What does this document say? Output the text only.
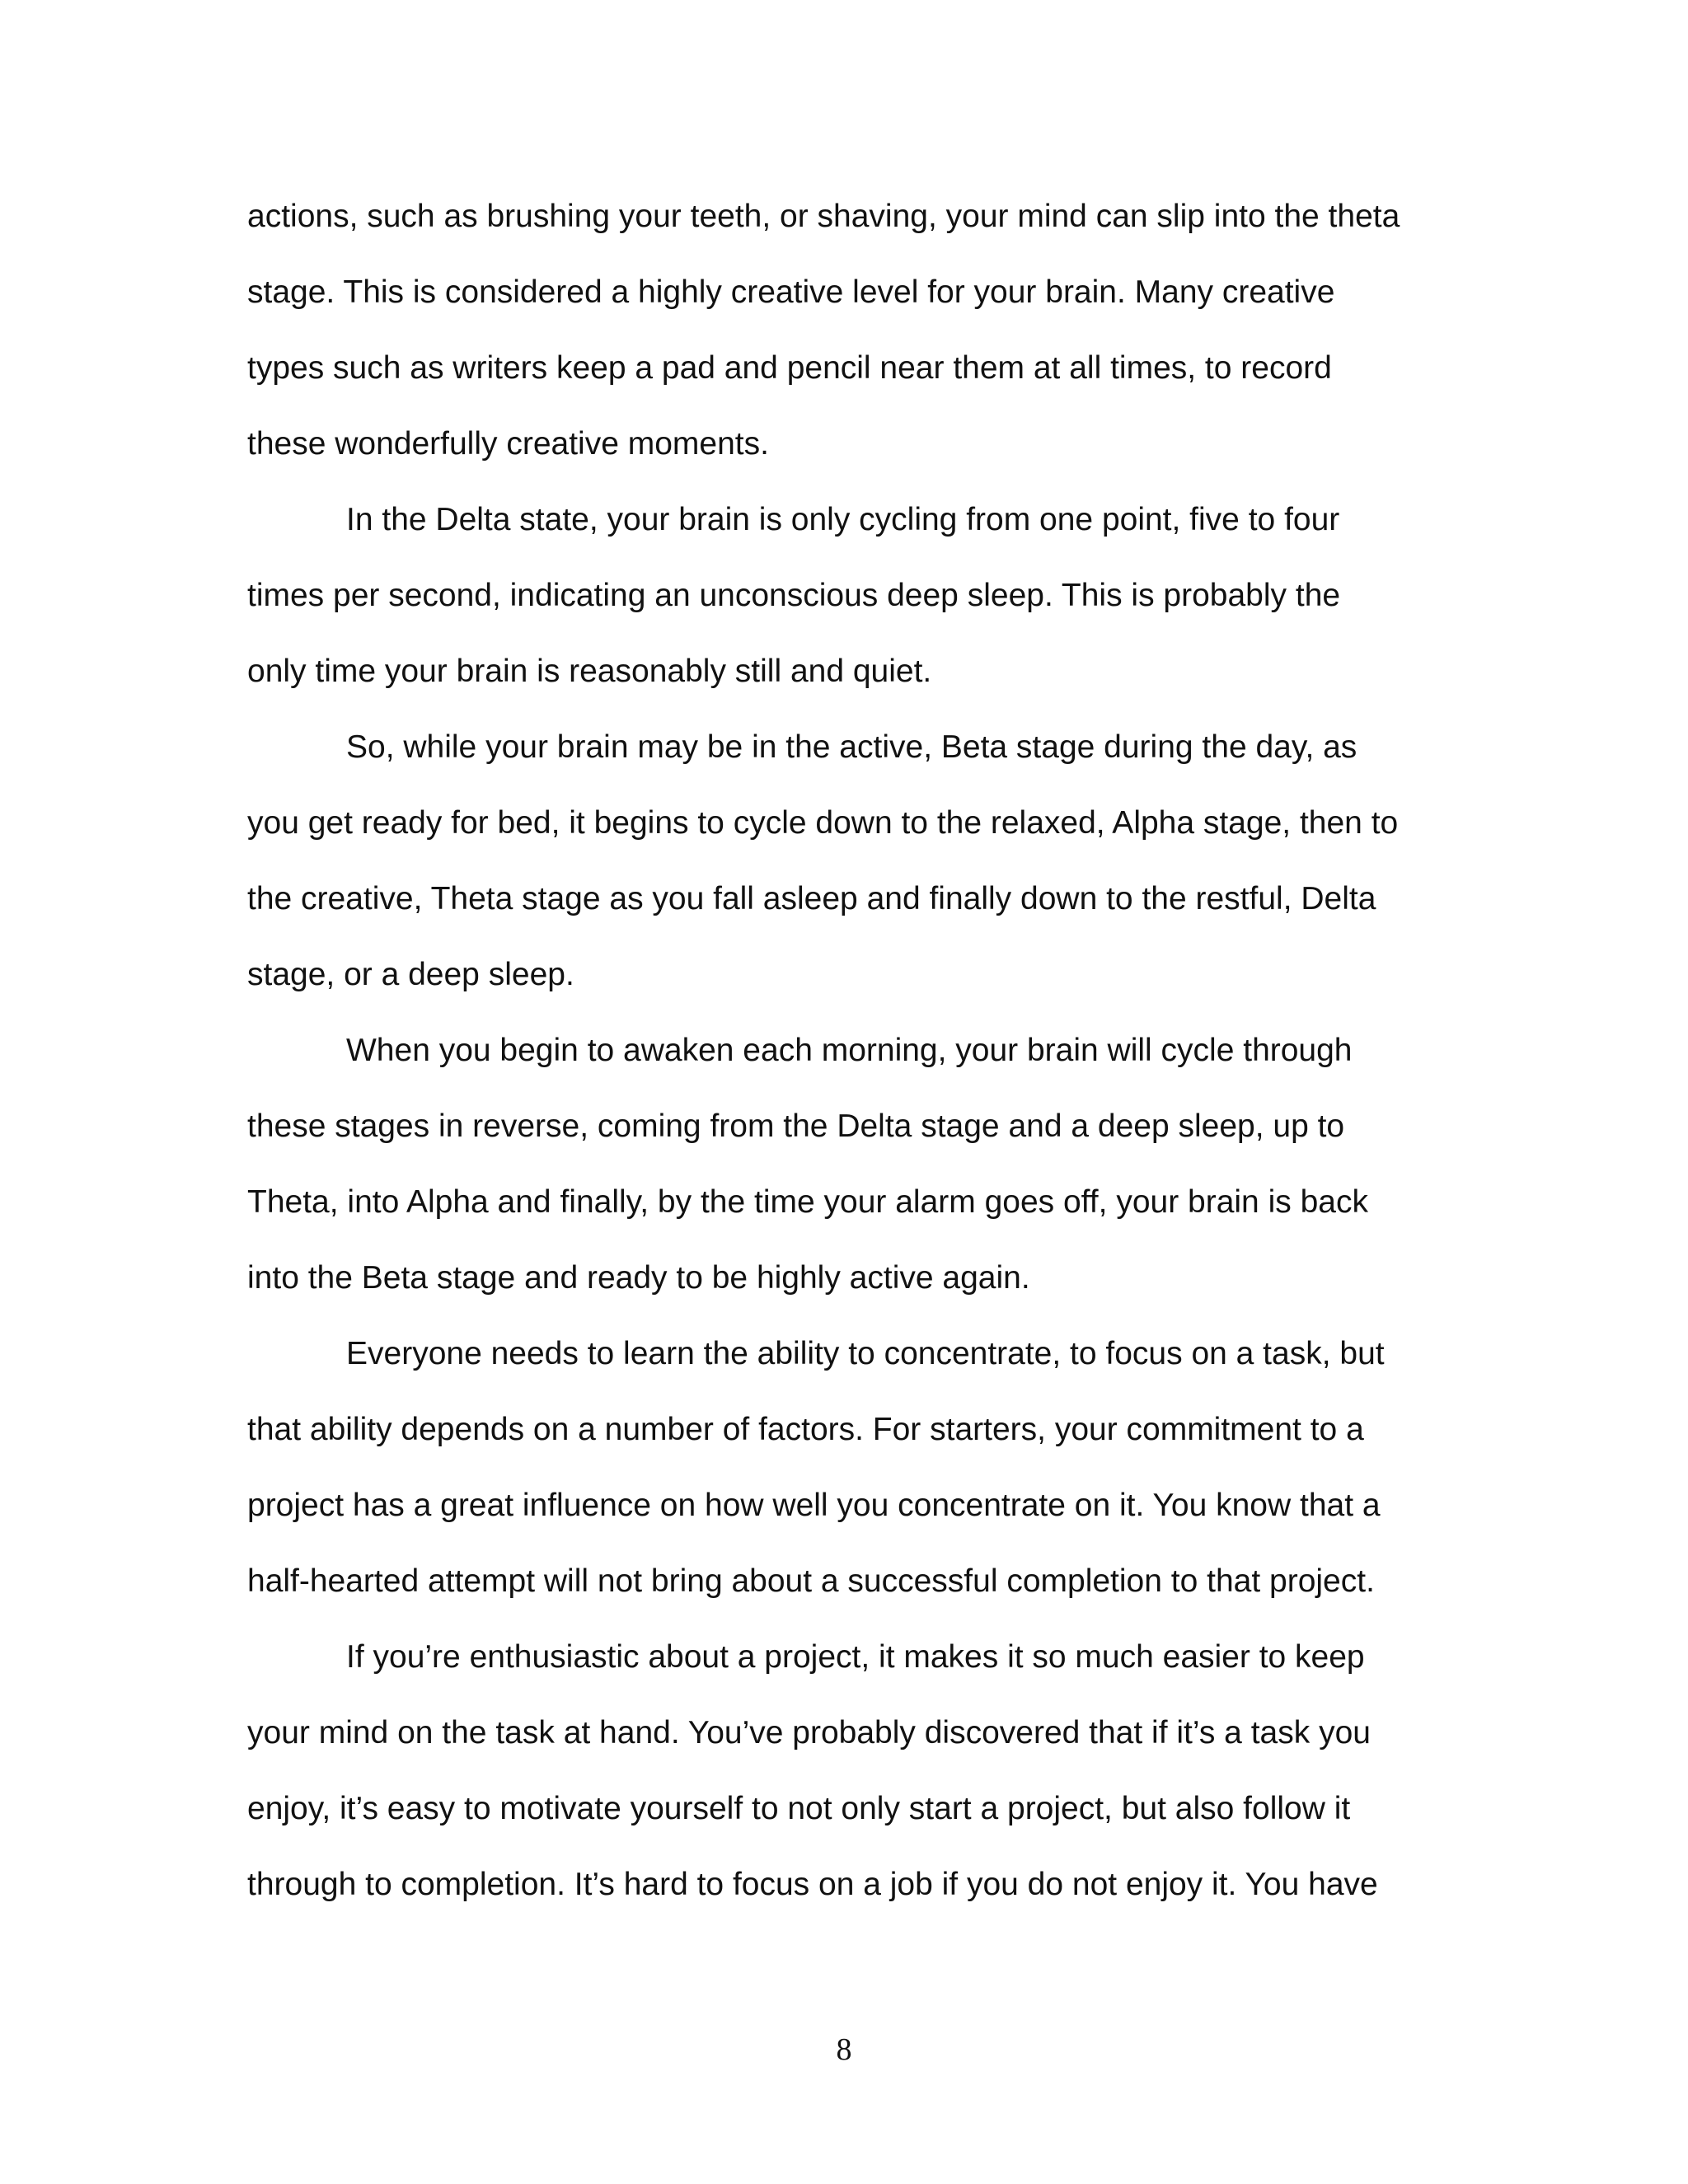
actions, such as brushing your teeth, or shaving, your mind can slip into the theta

stage. This is considered a highly creative level for your brain. Many creative

types such as writers keep a pad and pencil near them at all times, to record

these wonderfully creative moments.

In the Delta state, your brain is only cycling from one point, five to four

times per second, indicating an unconscious deep sleep. This is probably the

only time your brain is reasonably still and quiet.

So, while your brain may be in the active, Beta stage during the day, as

you get ready for bed, it begins to cycle down to the relaxed, Alpha stage, then to

the creative, Theta stage as you fall asleep and finally down to the restful, Delta

stage, or a deep sleep.

When you begin to awaken each morning, your brain will cycle through

these stages in reverse, coming from the Delta stage and a deep sleep, up to

Theta, into Alpha and finally, by the time your alarm goes off, your brain is back

into the Beta stage and ready to be highly active again.

Everyone needs to learn the ability to concentrate, to focus on a task, but

that ability depends on a number of factors. For starters, your commitment to a

project has a great influence on how well you concentrate on it. You know that a

half-hearted attempt will not bring about a successful completion to that project.

If you’re enthusiastic about a project, it makes it so much easier to keep

your mind on the task at hand. You’ve probably discovered that if it’s a task you

enjoy, it’s easy to motivate yourself to not only start a project, but also follow it

through to completion. It’s hard to focus on a job if you do not enjoy it. You have

8
